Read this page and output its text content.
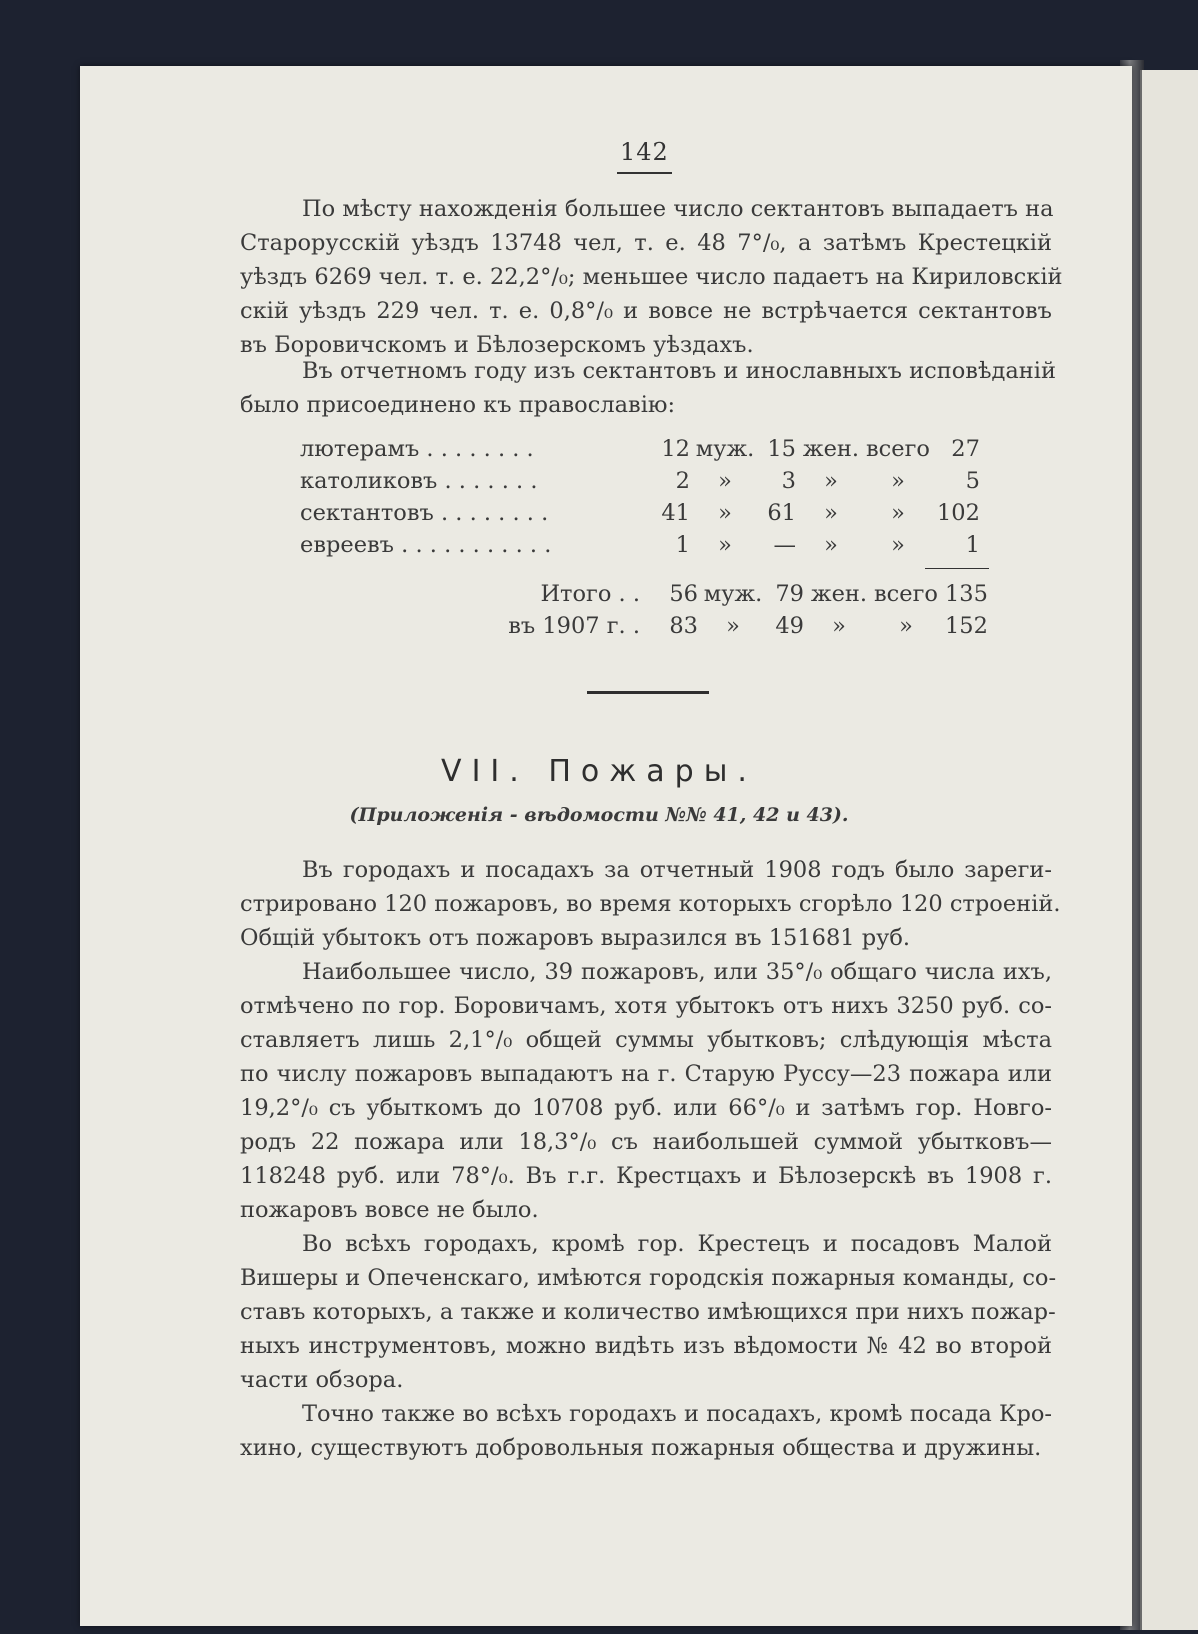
142

По мѣсту нахожденія большее число сектантовъ выпадаетъ на

Старорусскій уѣздъ 13748 чел, т. е. 48 7°/₀, а затѣмъ Крестецкій
уѣздъ 6269 чел. т. е. 22,2°/₀; меньшее число падаетъ на Кириловскій
скій уѣздъ 229 чел. т. е. 0,8°/₀ и вовсе не встрѣчается сектантовъ
въ Боровичскомъ и Бѣлозерскомъ уѣздахъ.

Въ отчетномъ году изъ сектантовъ и инославныхъ исповѣданій

было присоединено къ православію:
лютерамъ . . . . . . . .	12	муж.	15	жен.	всего	27
католиковъ . . . . . . .	2	»	3	»	»	5
сектантовъ . . . . . . . .	41	»	61	»	»	102
евреевъ . . . . . . . . . . .	1	»	—	»	»	1
Итого . .	56	муж.	79	жен.	всего	135
въ 1907 г. .	83	»	49	»	»	152
VII. Пожары.
(Приложенія - вѣдомости №№ 41, 42 и 43).

Въ городахъ и посадахъ за отчетный 1908 годъ было зареги-

стрировано 120 пожаровъ, во время которыхъ сгорѣло 120 строеній.
Общій убытокъ отъ пожаровъ выразился въ 151681 руб.

Наибольшее число, 39 пожаровъ, или 35°/₀ общаго числа ихъ,

отмѣчено по гор. Боровичамъ, хотя убытокъ отъ нихъ 3250 руб. со-
ставляетъ лишь 2,1°/₀ общей суммы убытковъ; слѣдующія мѣста
по числу пожаровъ выпадаютъ на г. Старую Руссу—23 пожара или
19,2°/₀ съ убыткомъ до 10708 руб. или 66°/₀ и затѣмъ гор. Новго-
родъ 22 пожара или 18,3°/₀ съ наибольшей суммой убытковъ—
118248 руб. или 78°/₀. Въ г.г. Крестцахъ и Бѣлозерскѣ въ 1908 г.
пожаровъ вовсе не было.

Во всѣхъ городахъ, кромѣ гор. Крестецъ и посадовъ Малой

Вишеры и Опеченскаго, имѣются городскія пожарныя команды, со-
ставъ которыхъ, а также и количество имѣющихся при нихъ пожар-
ныхъ инструментовъ, можно видѣть изъ вѣдомости № 42 во второй
части обзора.

Точно также во всѣхъ городахъ и посадахъ, кромѣ посада Кро-

хино, существуютъ добровольныя пожарныя общества и дружины.
